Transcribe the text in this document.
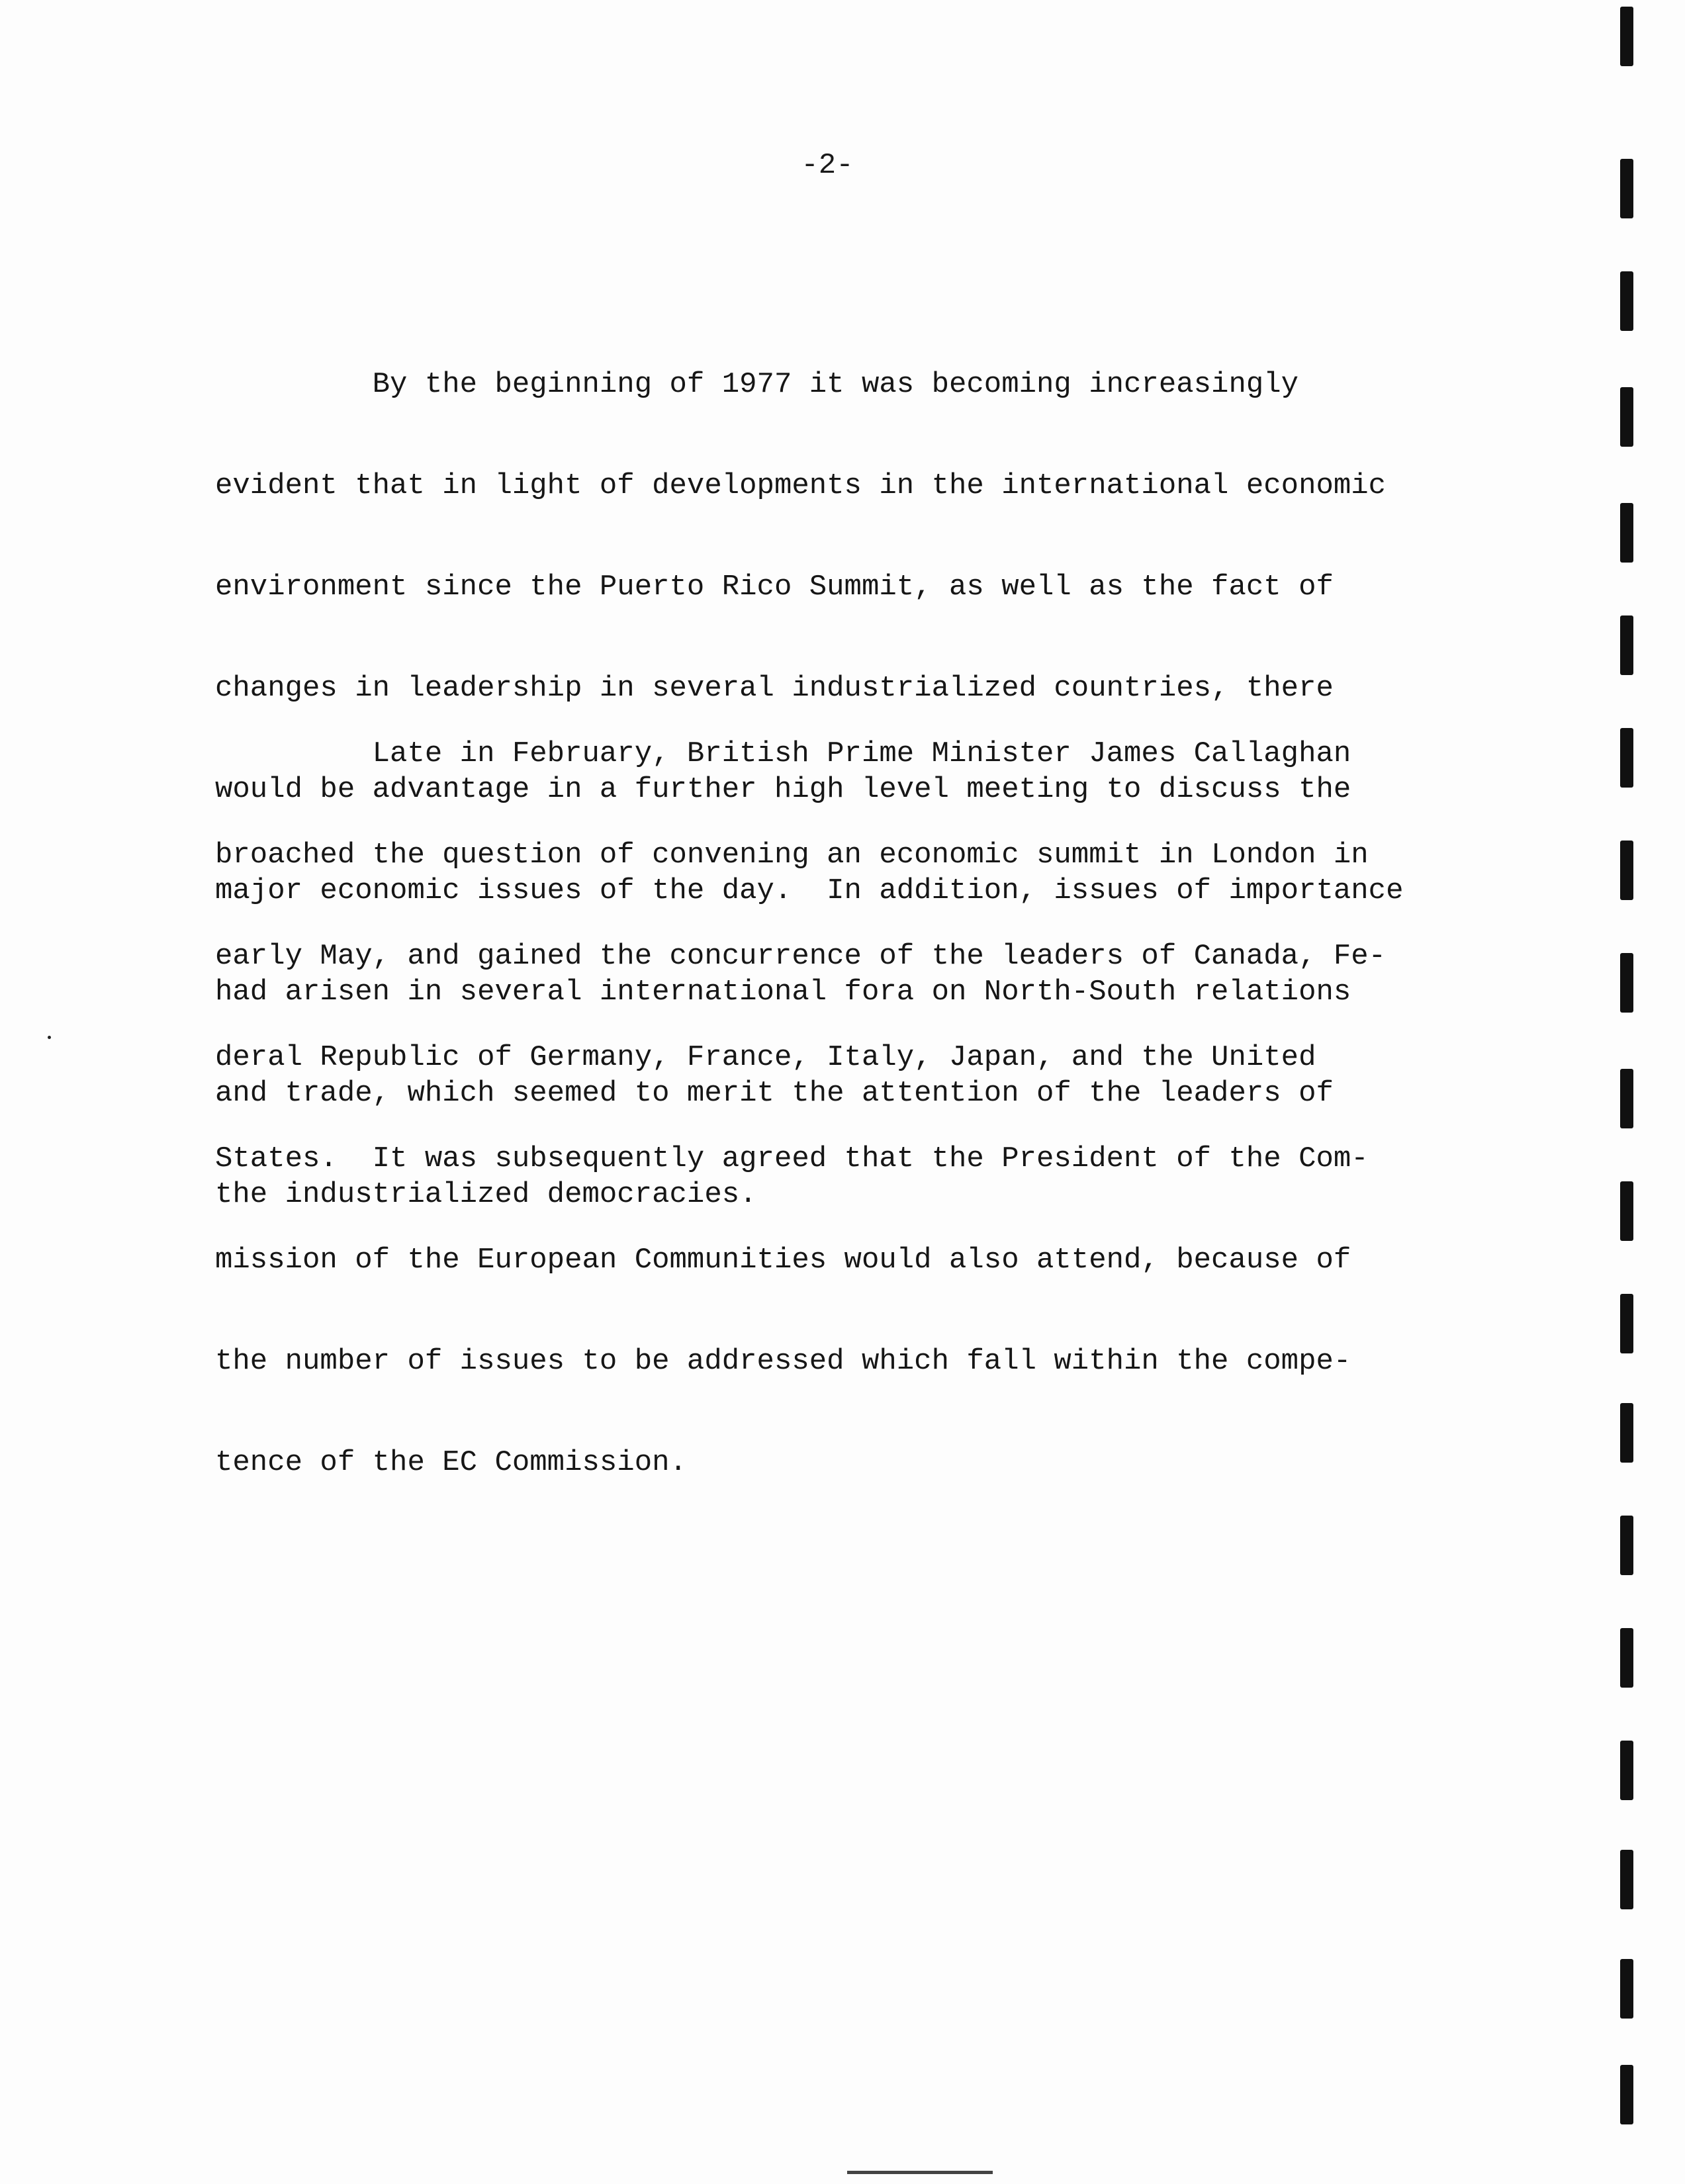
-2-

By the beginning of 1977 it was becoming increasingly

evident that in light of developments in the international economic

environment since the Puerto Rico Summit, as well as the fact of

changes in leadership in several industrialized countries, there

would be advantage in a further high level meeting to discuss the

major economic issues of the day.  In addition, issues of importance

had arisen in several international fora on North-South relations

and trade, which seemed to merit the attention of the leaders of

the industrialized democracies.

Late in February, British Prime Minister James Callaghan

broached the question of convening an economic summit in London in

early May, and gained the concurrence of the leaders of Canada, Fe-

deral Republic of Germany, France, Italy, Japan, and the United

States.  It was subsequently agreed that the President of the Com-

mission of the European Communities would also attend, because of

the number of issues to be addressed which fall within the compe-

tence of the EC Commission.
